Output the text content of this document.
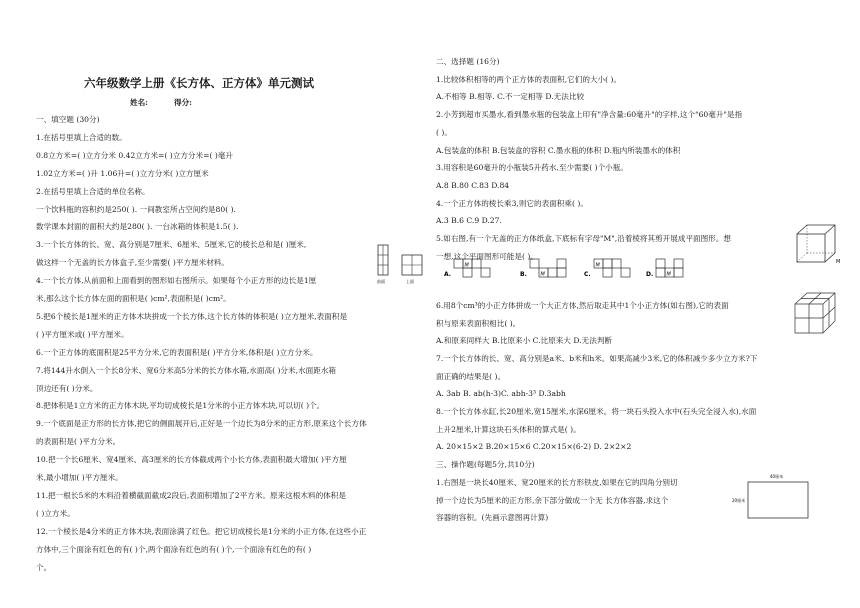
六年级数学上册《长方体、正方体》单元测试
姓名:	得分:
一、填空题 (30分)
1.在括号里填上合适的数。
0.8立方米=( )立方分米 0.42立方米=( )立方分米=( )毫升
1.02立方米=( )升 1.06升=( )立方分米( )立方厘米
2.在括号里填上合适的单位名称。
一个饮料瓶的容积约是250( ). 一间教室所占空间约是80( ).
数学课本封面的面积大约是280( ). 一台冰箱的体积是1.5( ).
3.一个长方体的长、宽、高分别是7厘米、6厘米、5厘米,它的棱长总和是( )厘米,
做这样一个无盖的长方体盒子,至少需要( )平方厘米材料。
4.一个长方体,从前面和上面看到的图形如右图所示。如果每个小正方形的边长是1厘
米,那么这个长方体左面的面积是( )cm²,表面积是( )cm²。
5.把6个棱长是1厘米的正方体木块拼成一个长方体,这个长方体的体积是( )立方厘米,表面积是
( )平方厘米或( )平方厘米。
6.一个正方体的底面积是25平方分米,它的表面积是( )平方分米,体积是( )立方分米。
7.将144升水倒入一个长8分米、宽6分米高5分米的长方体水箱,水面高( )分米,水面距水箱
顶边还有( )分米。
8.把体积是1立方米的正方体木块,平均切成棱长是1分米的小正方体木块,可以切( )个。
9.一个底面是正方形的长方体,把它的侧面展开后,正好是一个边长为8分米的正方形,原来这个长方体
的表面积是( )平方分米。
10.把一个长6厘米、宽4厘米、高3厘米的长方体截成两个小长方体,表面积最大增加( )平方厘
米,最小增加( )平方厘米。
11.把一根长5米的木料沿着横截面截成2段后,表面积增加了2平方米。原来这根木料的体积是
( )立方米。
12.一个棱长是4分米的正方体木块,表面涂满了红色。把它切成棱长是1分米的小正方体,在这些小正
方体中,三个面涂有红色的有( )个,两个面涂有红色的有( )个,一个面涂有红色的有( )
个。
前面	上面
二、选择题 (16分)
1.比较体积相等的两个正方体的表面积,它们的大小( )。
A.不相等 B.相等. C.不一定相等 D.无法比较
2.小芳到超市买墨水,看到墨水瓶的包装盒上印有"净含量:60毫升"的字样,这个"60毫升"是指
( )。
A.包装盒的体积 B.包装盒的容积 C.墨水瓶的体积 D.瓶内所装墨水的体积
3.用容积是60毫升的小瓶装5升药水,至少需要( )个小瓶。
A.8 B.80 C.83 D.84
4.一个正方体的棱长乘3,则它的表面积乘( )。
A.3 B.6 C.9 D.27.
5.如右图,有一个无盖的正方体纸盒,下底标有字母"M",沿着棱将其剪开展成平面图形。想
一想,这个平面图形可能是( )。
6.用8个cm³的小正方体拼成一个大正方体,然后取走其中1个小正方体(如右图),它的表面
积与原来表面积相比( )。
A.和原来同样大 B.比原来小 C.比原来大 D.无法判断
7.一个长方体的长、宽、高分别是a米、b米和h米。如果高减少3米,它的体积减少多少立方米?下
面正确的结果是( )。
A. 3ab B. ab(h-3)C. abh-3³ D.3abh
8.一个长方体水缸,长20厘米,宽15厘米,水深6厘米。将一块石头投入水中(石头完全浸入水),水面
上升2厘米,计算这块石头体积的算式是( )。
A. 20×15×2 B.20×15×6 C.20×15×(6-2) D. 2×2×2
三、操作题(每题5分,共10分)
1.右图是一块长40厘米、宽20厘米的长方形铁皮,如果在它的四角分别切
掉一个边长为5厘米的正方形,余下部分做成一个无 长方体容器,求这个
容器的容积。(先画示意图再计算)
M
A.
M
B.	M	C.
M
D.	M
40厘米
20厘米
